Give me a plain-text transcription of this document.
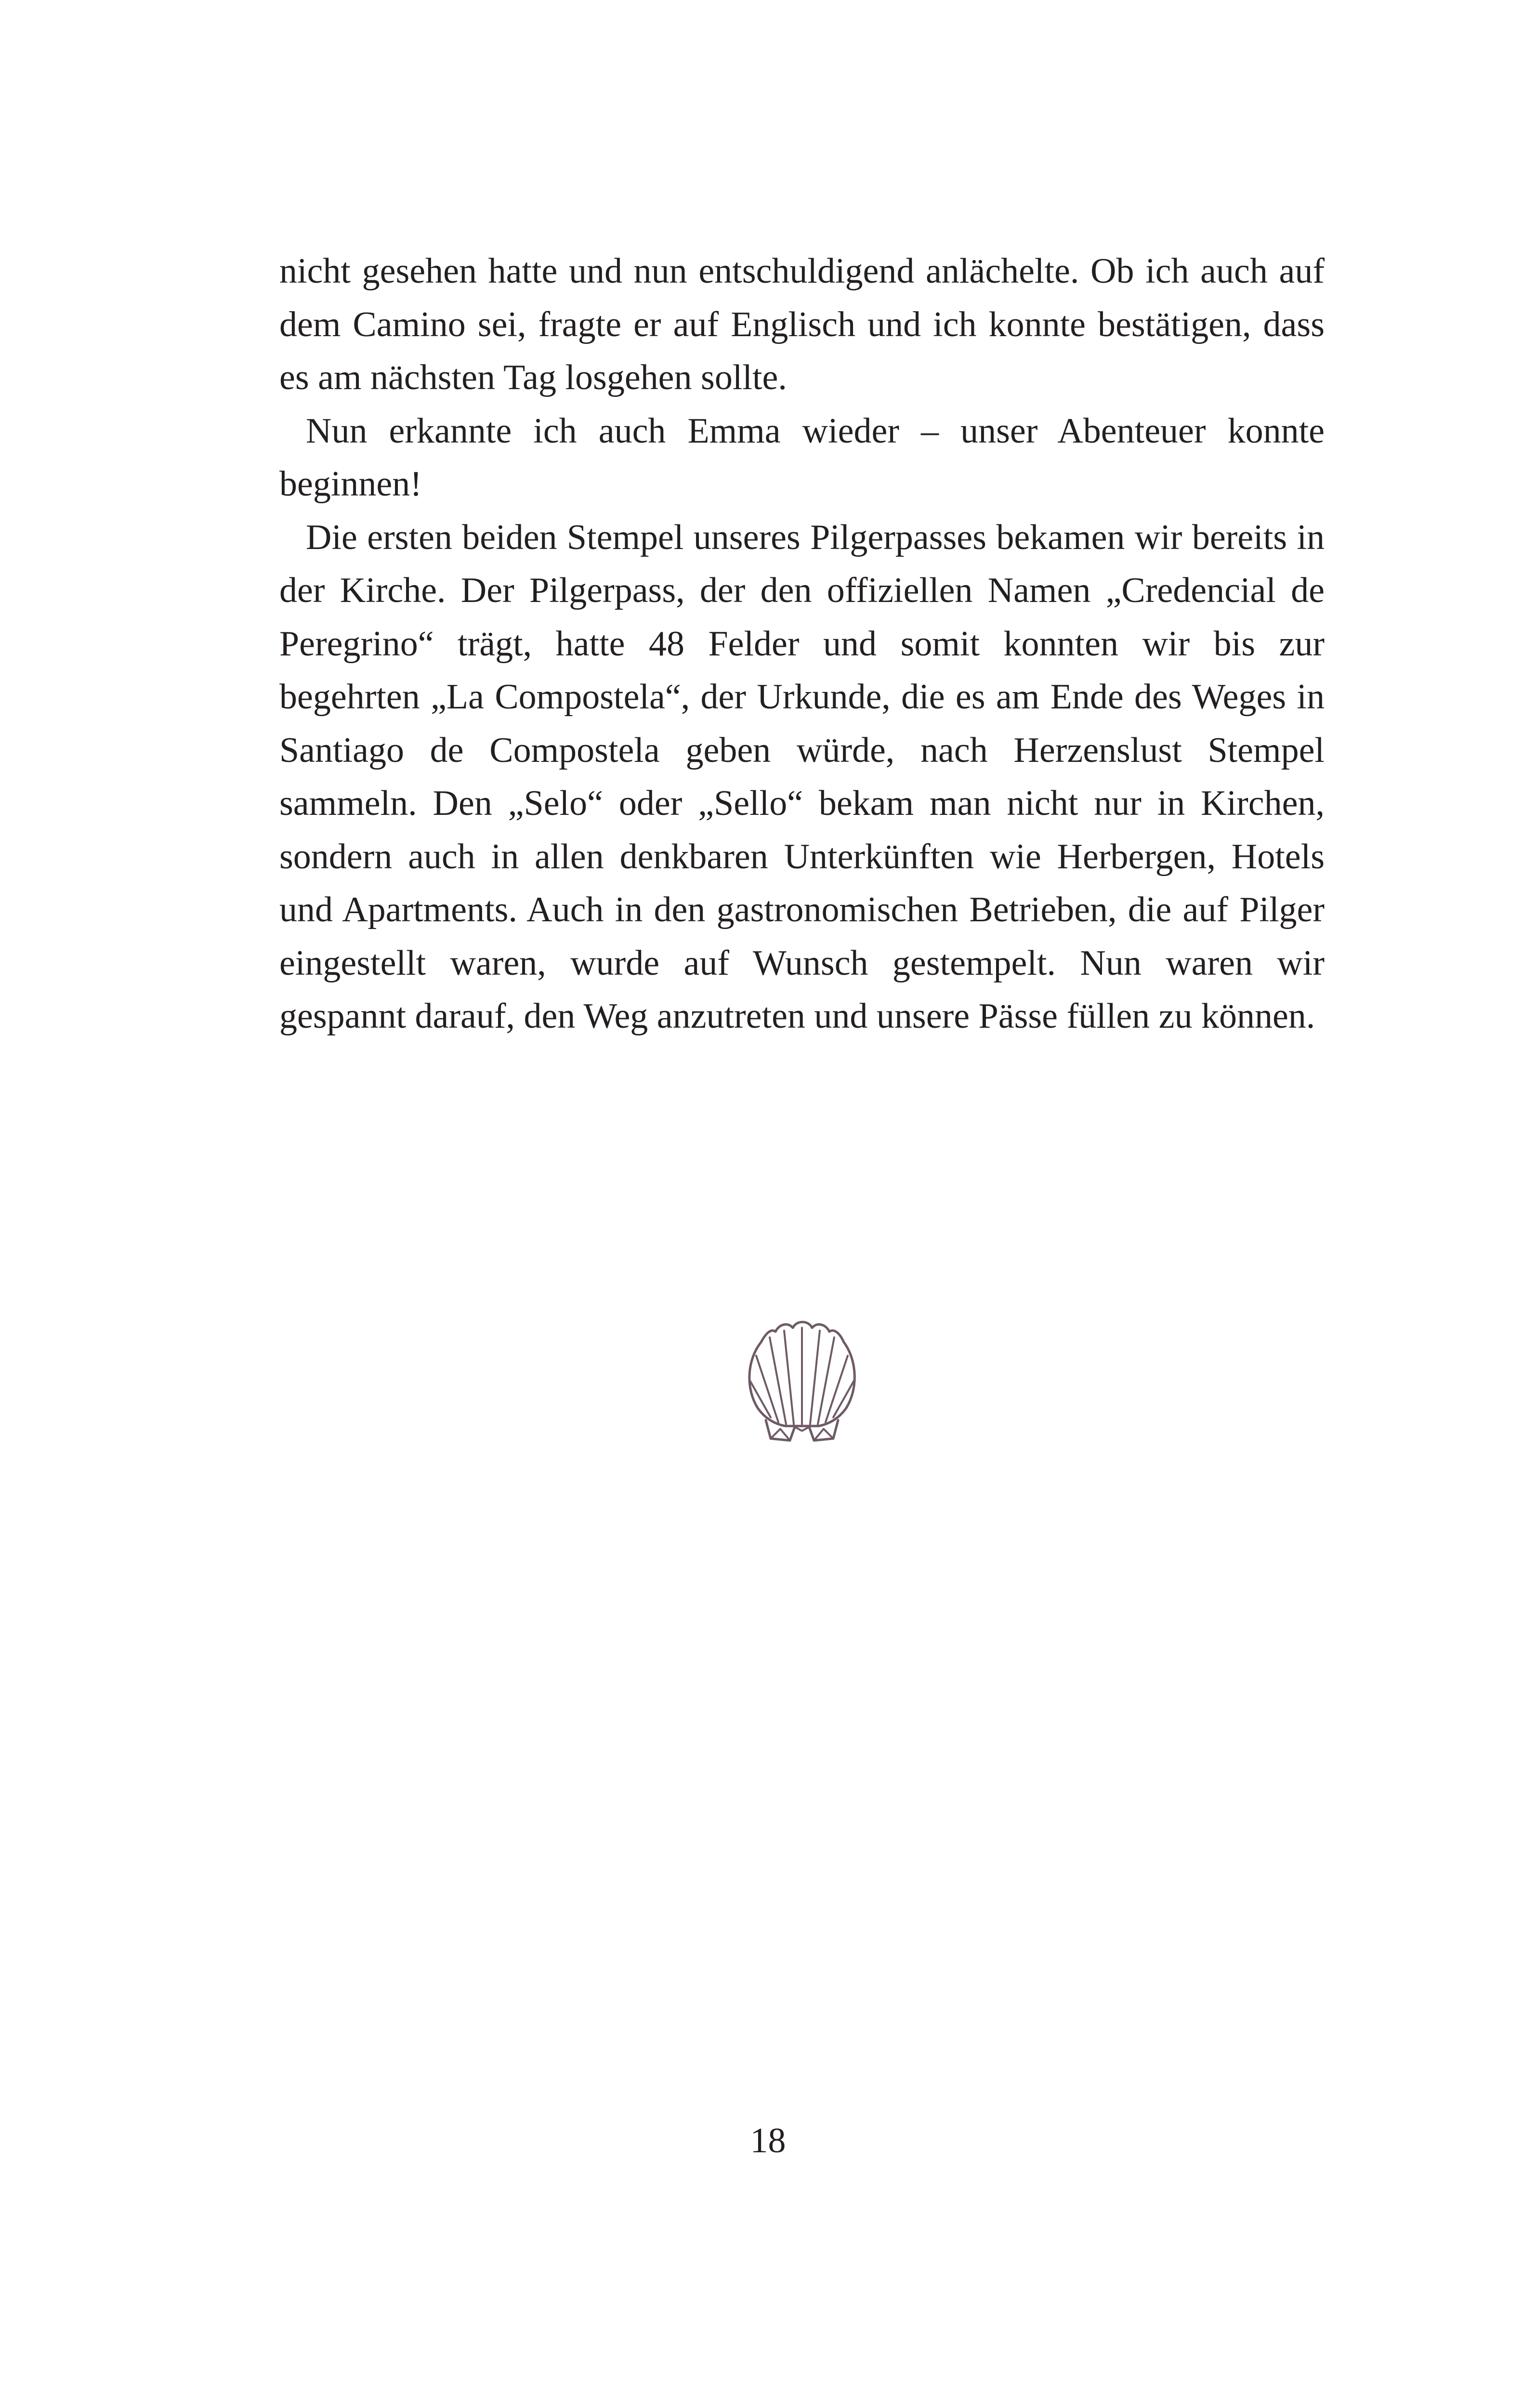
nicht gesehen hatte und nun entschuldigend anlächelte. Ob ich auch auf dem Camino sei, fragte er auf Englisch und ich konnte bestätigen, dass es am nächsten Tag losgehen sollte.

Nun erkannte ich auch Emma wieder – unser Abenteuer konnte beginnen!

Die ersten beiden Stempel unseres Pilgerpasses bekamen wir bereits in der Kirche. Der Pilgerpass, der den offiziellen Namen „Credencial de Peregrino“ trägt, hatte 48 Felder und somit konnten wir bis zur begehrten „La Compostela“, der Urkunde, die es am Ende des Weges in Santiago de Compostela geben würde, nach Herzenslust Stempel sammeln. Den „Selo“ oder „Sello“ bekam man nicht nur in Kirchen, sondern auch in allen denkbaren Unterkünften wie Herbergen, Hotels und Apartments. Auch in den gastronomischen Betrieben, die auf Pilger eingestellt waren, wurde auf Wunsch gestempelt. Nun waren wir gespannt darauf, den Weg anzutreten und unsere Pässe füllen zu können.

18
